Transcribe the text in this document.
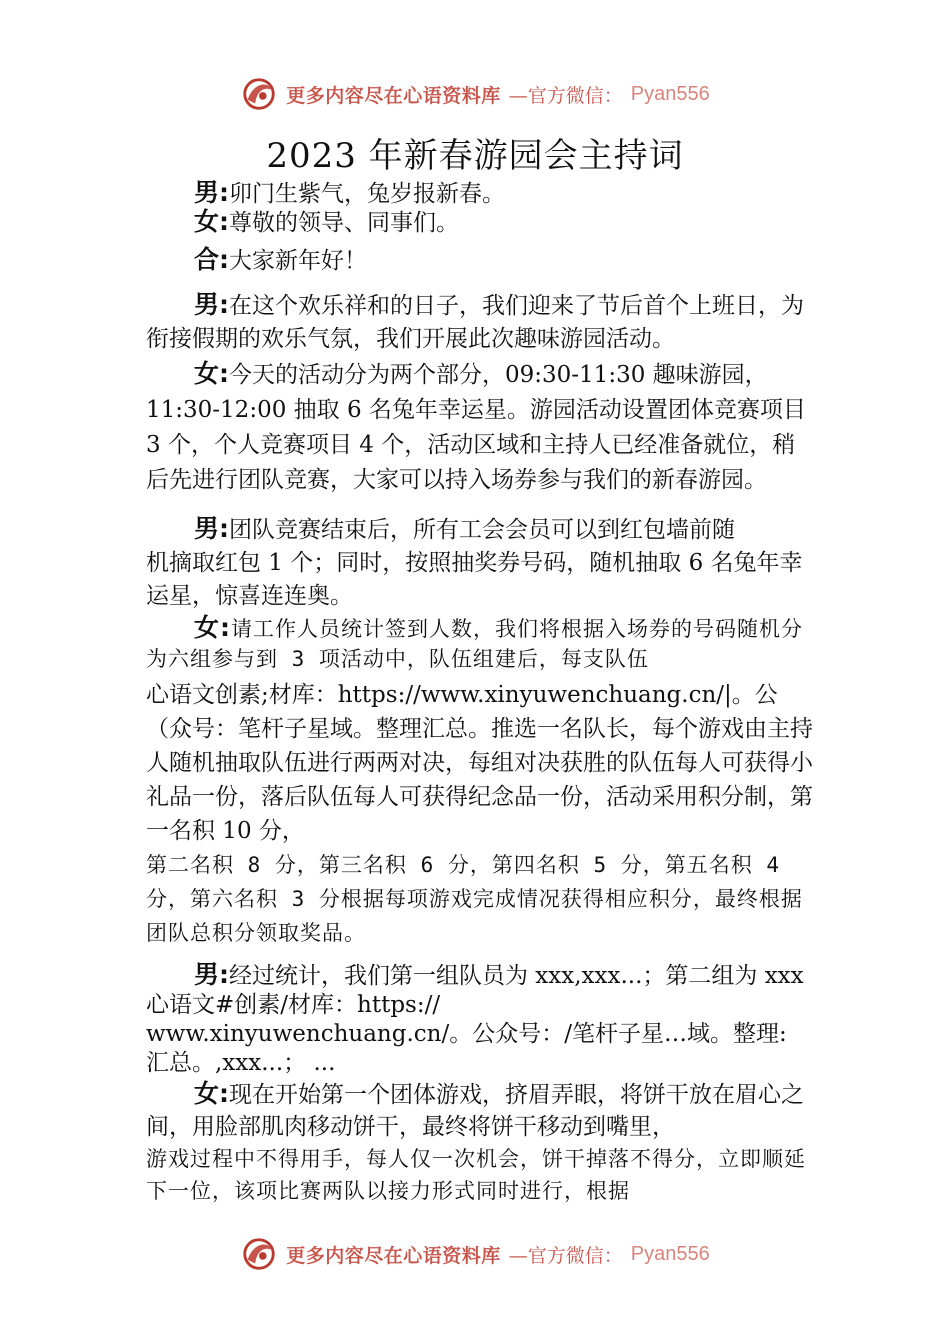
更多内容尽在心语资料库 —官方微信： Pyan556
2023 年新春游园会主持词

男:卯门生紫气，兔岁报新春。

女:尊敬的领导、同事们。

合:大家新年好！

男:在这个欢乐祥和的日子，我们迎来了节后首个上班日，为衔接假期的欢乐气氛，我们开展此次趣味游园活动。

女:今天的活动分为两个部分，09:30-11:30 趣味游园，11:30-12:00 抽取 6 名兔年幸运星。游园活动设置团体竞赛项目 3 个，个人竞赛项目 4 个，活动区域和主持人已经准备就位，稍后先进行团队竞赛，大家可以持入场券参与我们的新春游园。

男:团队竞赛结束后，所有工会会员可以到红包墙前随

机摘取红包 1 个；同时，按照抽奖券号码，随机抽取 6 名兔年幸运星，惊喜连连奥。

女:请工作人员统计签到人数，我们将根据入场券的号码随机分为六组参与到 3 项活动中，队伍组建后，每支队伍

心语文创素;材库：https://www.xinyuwenchuang.cn/|。公（众号：笔杆子星域。整理汇总。推选一名队长，每个游戏由主持人随机抽取队伍进行两两对决，每组对决获胜的队伍每人可获得小礼品一份，落后队伍每人可获得纪念品一份，活动采用积分制，第一名积 10 分，

第二名积 8 分，第三名积 6 分，第四名积 5 分，第五名积 4 分，第六名积 3 分根据每项游戏完成情况获得相应积分，最终根据团队总积分领取奖品。

男:经过统计，我们第一组队员为 xxx,xxx...；第二组为 xxx 心语文#创素/材库：https://

www.xinyuwenchuang.cn/。公众号：/笔杆子星…域。整理:

汇总。,xxx...； ...

女:现在开始第一个团体游戏，挤眉弄眼，将饼干放在眉心之间，用脸部肌肉移动饼干，最终将饼干移动到嘴里，

游戏过程中不得用手，每人仅一次机会，饼干掉落不得分，立即顺延下一位，该项比赛两队以接力形式同时进行，根据

更多内容尽在心语资料库 —官方微信： Pyan556
